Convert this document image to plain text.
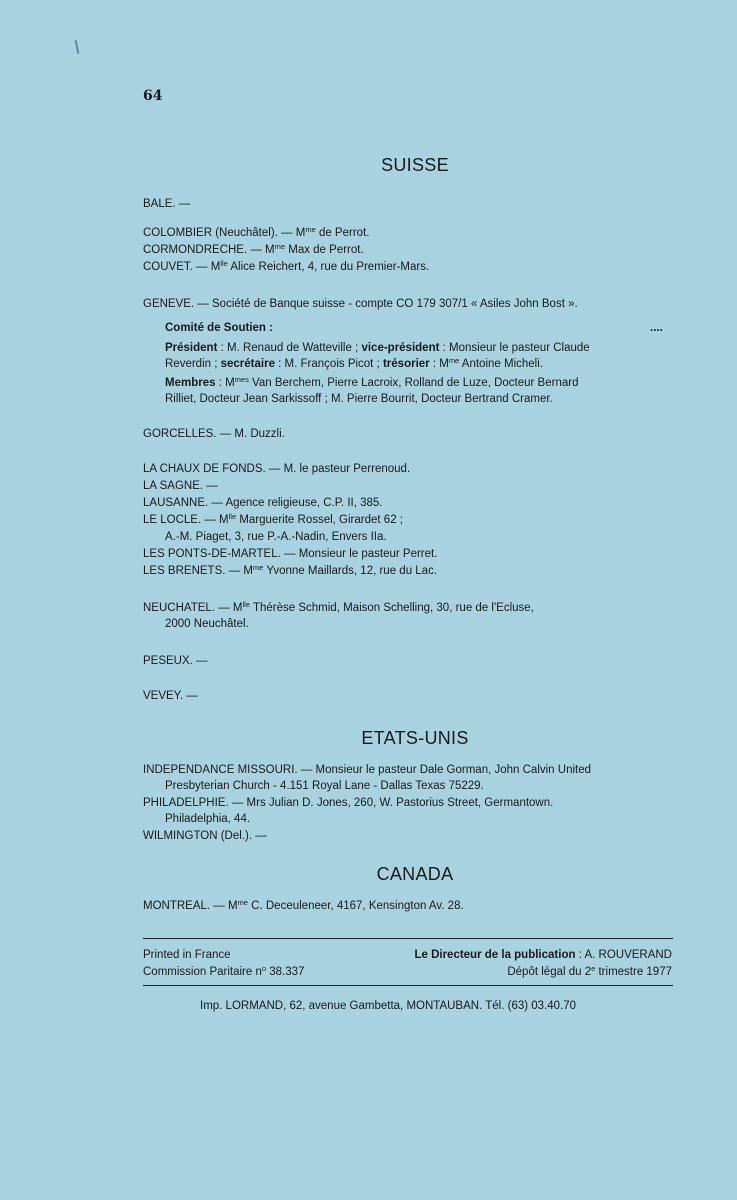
64
SUISSE
BALE. —
COLOMBIER (Neuchâtel). — $M^{me}$ de Perrot.
CORMONDRECHE. — $M^{me}$ Max de Perrot.
COUVET. — $M^{lle}$ Alice Reichert, 4, rue du Premier-Mars.
GENEVE. — Société de Banque suisse - compte CO 179 307/1 « Asiles John Bost ».
Comité de Soutien :	....
Président : M. Renaud de Watteville ; vice-président : Monsieur le pasteur Claude
Reverdin ; secrétaire : M. François Picot ; trésorier : $M^{me}$ Antoine Micheli.
Membres : $M^{mes}$ Van Berchem, Pierre Lacroix, Rolland de Luze, Docteur Bernard
Rilliet, Docteur Jean Sarkissoff ; M. Pierre Bourrit, Docteur Bertrand Cramer.
GORCELLES. — M. Duzzli.
LA CHAUX DE FONDS. — M. le pasteur Perrenoud.
LA SAGNE. —
LAUSANNE. — Agence religieuse, C.P. II, 385.
LE LOCLE. — $M^{lle}$ Marguerite Rossel, Girardet 62 ;
A.-M. Piaget, 3, rue P.-A.-Nadin, Envers IIa.
LES PONTS-DE-MARTEL. — Monsieur le pasteur Perret.
LES BRENETS. — $M^{me}$ Yvonne Maillards, 12, rue du Lac.
NEUCHATEL. — $M^{lle}$ Thérèse Schmid, Maison Schelling, 30, rue de l'Ecluse,
2000 Neuchâtel.
PESEUX. —
VEVEY. —
ETATS-UNIS
INDEPENDANCE MISSOURI. — Monsieur le pasteur Dale Gorman, John Calvin United
Presbyterian Church - 4.151 Royal Lane - Dallas Texas 75229.
PHILADELPHIE. — Mrs Julian D. Jones, 260, W. Pastorius Street, Germantown.
Philadelphia, 44.
WILMINGTON (Del.). —
CANADA
MONTREAL. — $M^{me}$ C. Deceuleneer, 4167, Kensington Av. 28.
Printed in France
Commission Paritaire $n^o$ 38.337
Le Directeur de la publication : A. ROUVERAND
Dépôt légal du 2e trimestre 1977
Imp. LORMAND, 62, avenue Gambetta, MONTAUBAN. Tél. (63) 03.40.70
